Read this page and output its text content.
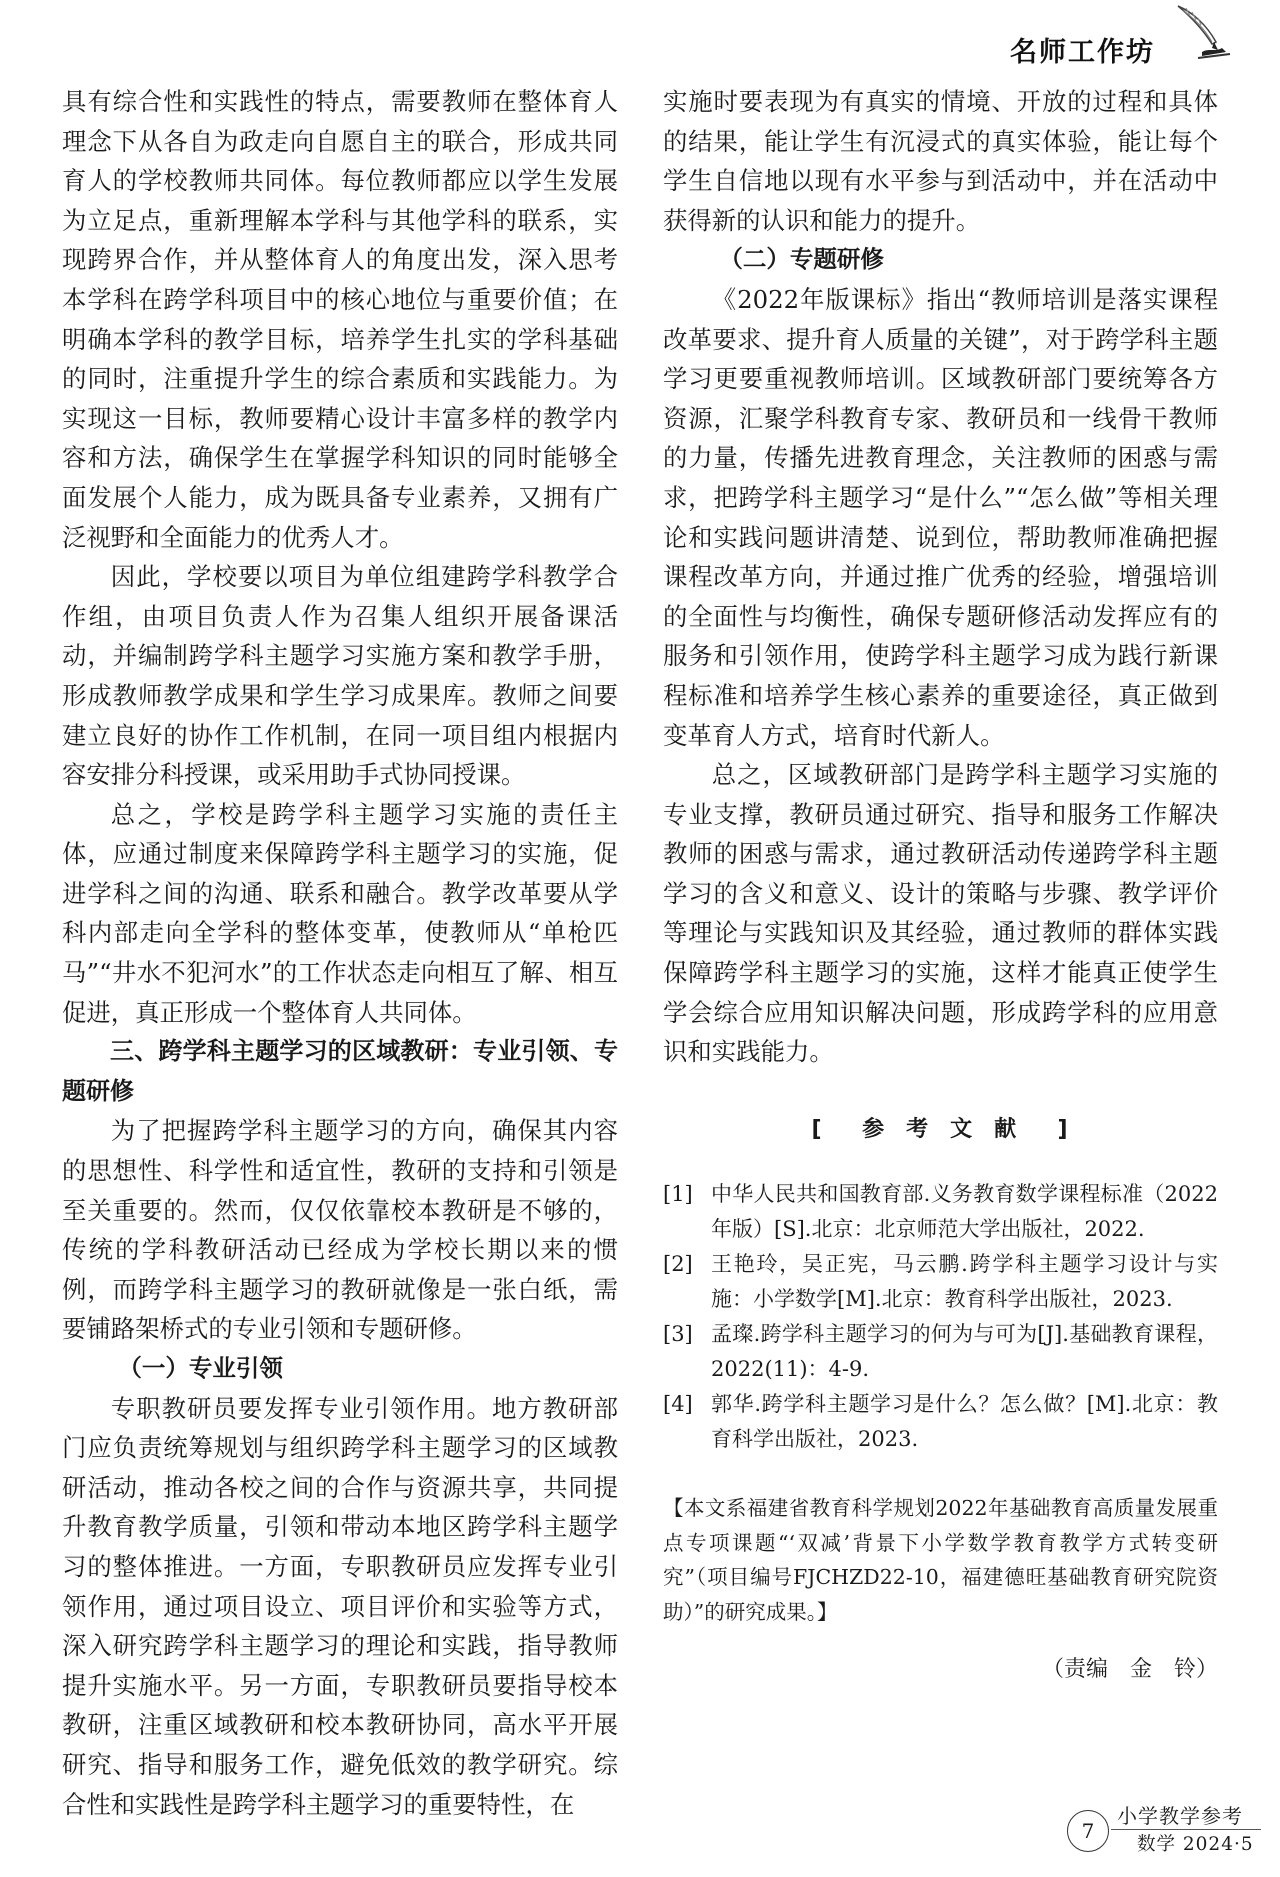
名师工作坊

具有综合性和实践性的特点，需要教师在整体育人理念下从各自为政走向自愿自主的联合，形成共同育人的学校教师共同体。每位教师都应以学生发展为立足点，重新理解本学科与其他学科的联系，实现跨界合作，并从整体育人的角度出发，深入思考本学科在跨学科项目中的核心地位与重要价值；在明确本学科的教学目标，培养学生扎实的学科基础的同时，注重提升学生的综合素质和实践能力。为实现这一目标，教师要精心设计丰富多样的教学内容和方法，确保学生在掌握学科知识的同时能够全面发展个人能力，成为既具备专业素养，又拥有广泛视野和全面能力的优秀人才。

因此，学校要以项目为单位组建跨学科教学合作组，由项目负责人作为召集人组织开展备课活动，并编制跨学科主题学习实施方案和教学手册，形成教师教学成果和学生学习成果库。教师之间要建立良好的协作工作机制，在同一项目组内根据内容安排分科授课，或采用助手式协同授课。

总之，学校是跨学科主题学习实施的责任主体，应通过制度来保障跨学科主题学习的实施，促进学科之间的沟通、联系和融合。教学改革要从学科内部走向全学科的整体变革，使教师从“单枪匹马”“井水不犯河水”的工作状态走向相互了解、相互促进，真正形成一个整体育人共同体。

三、跨学科主题学习的区域教研：专业引领、专题研修

为了把握跨学科主题学习的方向，确保其内容的思想性、科学性和适宜性，教研的支持和引领是至关重要的。然而，仅仅依靠校本教研是不够的，传统的学科教研活动已经成为学校长期以来的惯例，而跨学科主题学习的教研就像是一张白纸，需要铺路架桥式的专业引领和专题研修。

（一）专业引领

专职教研员要发挥专业引领作用。地方教研部门应负责统筹规划与组织跨学科主题学习的区域教研活动，推动各校之间的合作与资源共享，共同提升教育教学质量，引领和带动本地区跨学科主题学习的整体推进。一方面，专职教研员应发挥专业引领作用，通过项目设立、项目评价和实验等方式，深入研究跨学科主题学习的理论和实践，指导教师提升实施水平。另一方面，专职教研员要指导校本教研，注重区域教研和校本教研协同，高水平开展研究、指导和服务工作，避免低效的教学研究。综合性和实践性是跨学科主题学习的重要特性，在

实施时要表现为有真实的情境、开放的过程和具体的结果，能让学生有沉浸式的真实体验，能让每个学生自信地以现有水平参与到活动中，并在活动中获得新的认识和能力的提升。

（二）专题研修

《2022年版课标》指出“教师培训是落实课程改革要求、提升育人质量的关键”，对于跨学科主题学习更要重视教师培训。区域教研部门要统筹各方资源，汇聚学科教育专家、教研员和一线骨干教师的力量，传播先进教育理念，关注教师的困惑与需求，把跨学科主题学习“是什么”“怎么做”等相关理论和实践问题讲清楚、说到位，帮助教师准确把握课程改革方向，并通过推广优秀的经验，增强培训的全面性与均衡性，确保专题研修活动发挥应有的服务和引领作用，使跨学科主题学习成为践行新课程标准和培养学生核心素养的重要途径，真正做到变革育人方式，培育时代新人。

总之，区域教研部门是跨学科主题学习实施的专业支撑，教研员通过研究、指导和服务工作解决教师的困惑与需求，通过教研活动传递跨学科主题学习的含义和意义、设计的策略与步骤、教学评价等理论与实践知识及其经验，通过教师的群体实践保障跨学科主题学习的实施，这样才能真正使学生学会综合应用知识解决问题，形成跨学科的应用意识和实践能力。

[ 参考文献 ]
[1] 中华人民共和国教育部.义务教育数学课程标准（2022年版）[S].北京：北京师范大学出版社，2022.
[2] 王艳玲，吴正宪，马云鹏.跨学科主题学习设计与实施：小学数学[M].北京：教育科学出版社，2023.
[3] 孟璨.跨学科主题学习的何为与可为[J].基础教育课程，2022(11)：4-9.
[4] 郭华.跨学科主题学习是什么？怎么做？[M].北京：教育科学出版社，2023.

【本文系福建省教育科学规划2022年基础教育高质量发展重点专项课题“‘双减’背景下小学数学教育教学方式转变研究”（项目编号FJCHZD22-10，福建德旺基础教育研究院资助）”的研究成果。】

（责编　金　铃）
7
小学教学参考
数学 2024·5
